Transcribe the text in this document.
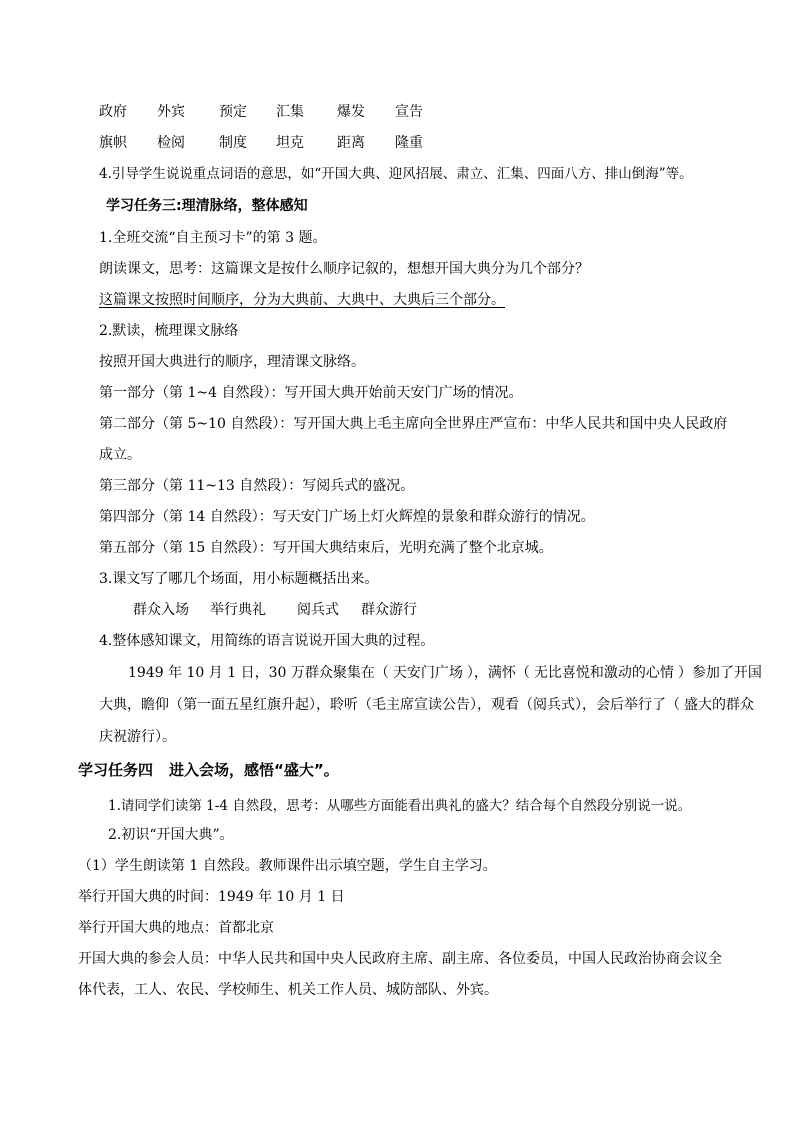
政府 外宾 预定 汇集 爆发 宣告
旗帜 检阅 制度 坦克 距离 隆重
4.引导学生说说重点词语的意思，如“开国大典、迎风招展、肃立、汇集、四面八方、排山倒海”等。
学习任务三:理清脉络，整体感知
1.全班交流“自主预习卡”的第 3 题。
朗读课文，思考：这篇课文是按什么顺序记叙的，想想开国大典分为几个部分？
这篇课文按照时间顺序，分为大典前、大典中、大典后三个部分。
2.默读，梳理课文脉络
按照开国大典进行的顺序，理清课文脉络。
第一部分（第 1~4 自然段）：写开国大典开始前天安门广场的情况。
第二部分（第 5~10 自然段）：写开国大典上毛主席向全世界庄严宣布：中华人民共和国中央人民政府
成立。
第三部分（第 11~13 自然段）：写阅兵式的盛况。
第四部分（第 14 自然段）：写天安门广场上灯火辉煌的景象和群众游行的情况。
第五部分（第 15 自然段）：写开国大典结束后，光明充满了整个北京城。
3.课文写了哪几个场面，用小标题概括出来。
群众入场 举行典礼 阅兵式 群众游行
4.整体感知课文，用简练的语言说说开国大典的过程。
1949 年 10 月 1 日，30 万群众聚集在（ 天安门广场 ），满怀（ 无比喜悦和激动的心情 ）参加了开国
大典，瞻仰（第一面五星红旗升起），聆听（毛主席宣读公告），观看（阅兵式），会后举行了（ 盛大的群众
庆祝游行）。
学习任务四 进入会场，感悟“盛大”。
1.请同学们读第 1-4 自然段，思考：从哪些方面能看出典礼的盛大？结合每个自然段分别说一说。
2.初识“开国大典”。
（1）学生朗读第 1 自然段。教师课件出示填空题，学生自主学习。
举行开国大典的时间：1949 年 10 月 1 日
举行开国大典的地点：首都北京
开国大典的参会人员：中华人民共和国中央人民政府主席、副主席、各位委员，中国人民政治协商会议全
体代表，工人、农民、学校师生、机关工作人员、城防部队、外宾。
